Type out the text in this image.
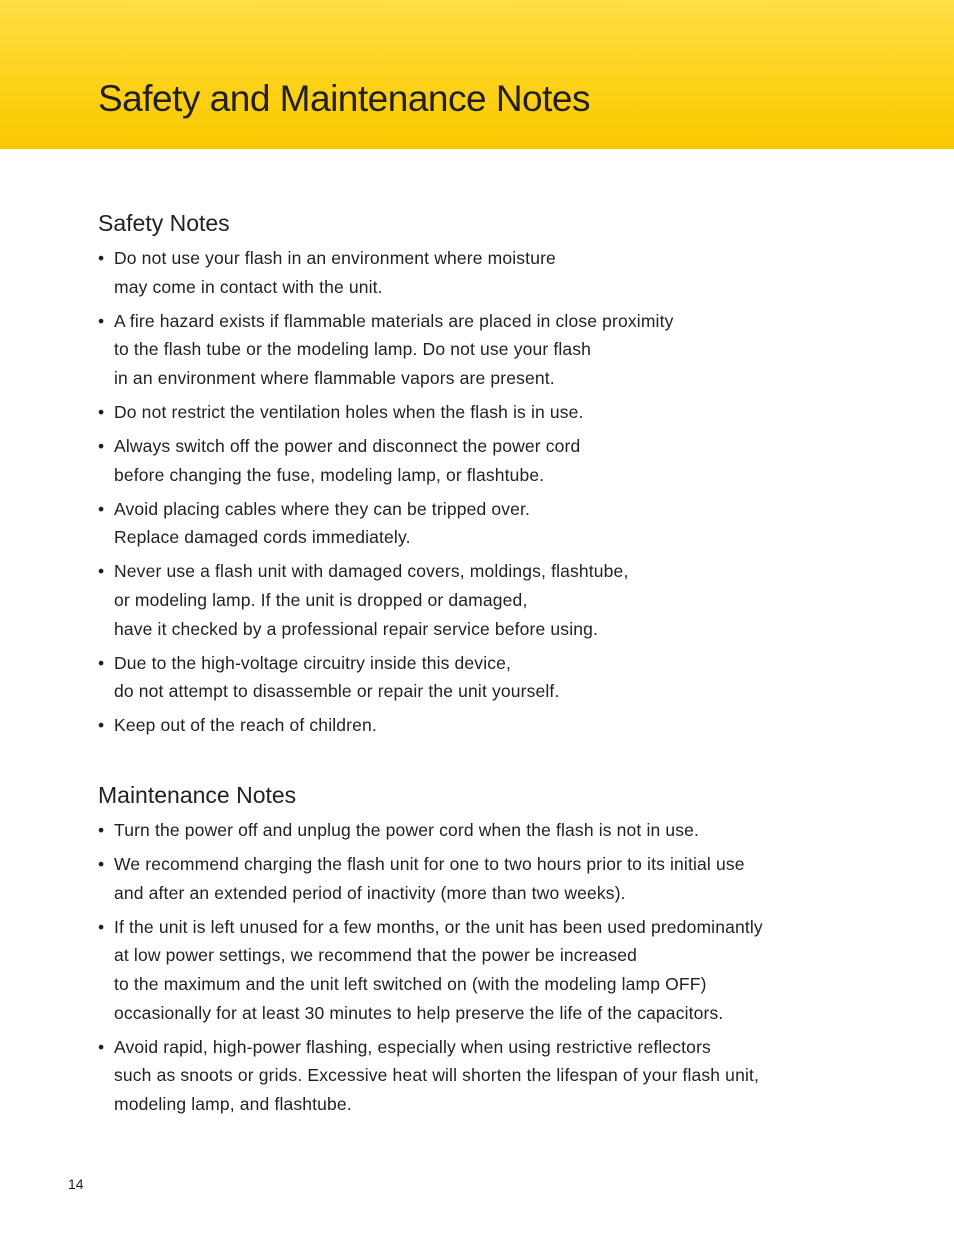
Safety and Maintenance Notes
Safety Notes
• Do not use your flash in an environment where moisture
may come in contact with the unit.
• A fire hazard exists if flammable materials are placed in close proximity
to the flash tube or the modeling lamp. Do not use your flash
in an environment where flammable vapors are present.
• Do not restrict the ventilation holes when the flash is in use.
• Always switch off the power and disconnect the power cord
before changing the fuse, modeling lamp, or flashtube.
• Avoid placing cables where they can be tripped over.
Replace damaged cords immediately.
• Never use a flash unit with damaged covers, moldings, flashtube,
or modeling lamp. If the unit is dropped or damaged,
have it checked by a professional repair service before using.
• Due to the high-voltage circuitry inside this device,
do not attempt to disassemble or repair the unit yourself.
• Keep out of the reach of children.
Maintenance Notes
• Turn the power off and unplug the power cord when the flash is not in use.
• We recommend charging the flash unit for one to two hours prior to its initial use
and after an extended period of inactivity (more than two weeks).
• If the unit is left unused for a few months, or the unit has been used predominantly
at low power settings, we recommend that the power be increased
to the maximum and the unit left switched on (with the modeling lamp OFF)
occasionally for at least 30 minutes to help preserve the life of the capacitors.
• Avoid rapid, high-power flashing, especially when using restrictive reflectors
such as snoots or grids. Excessive heat will shorten the lifespan of your flash unit,
modeling lamp, and flashtube.
14
